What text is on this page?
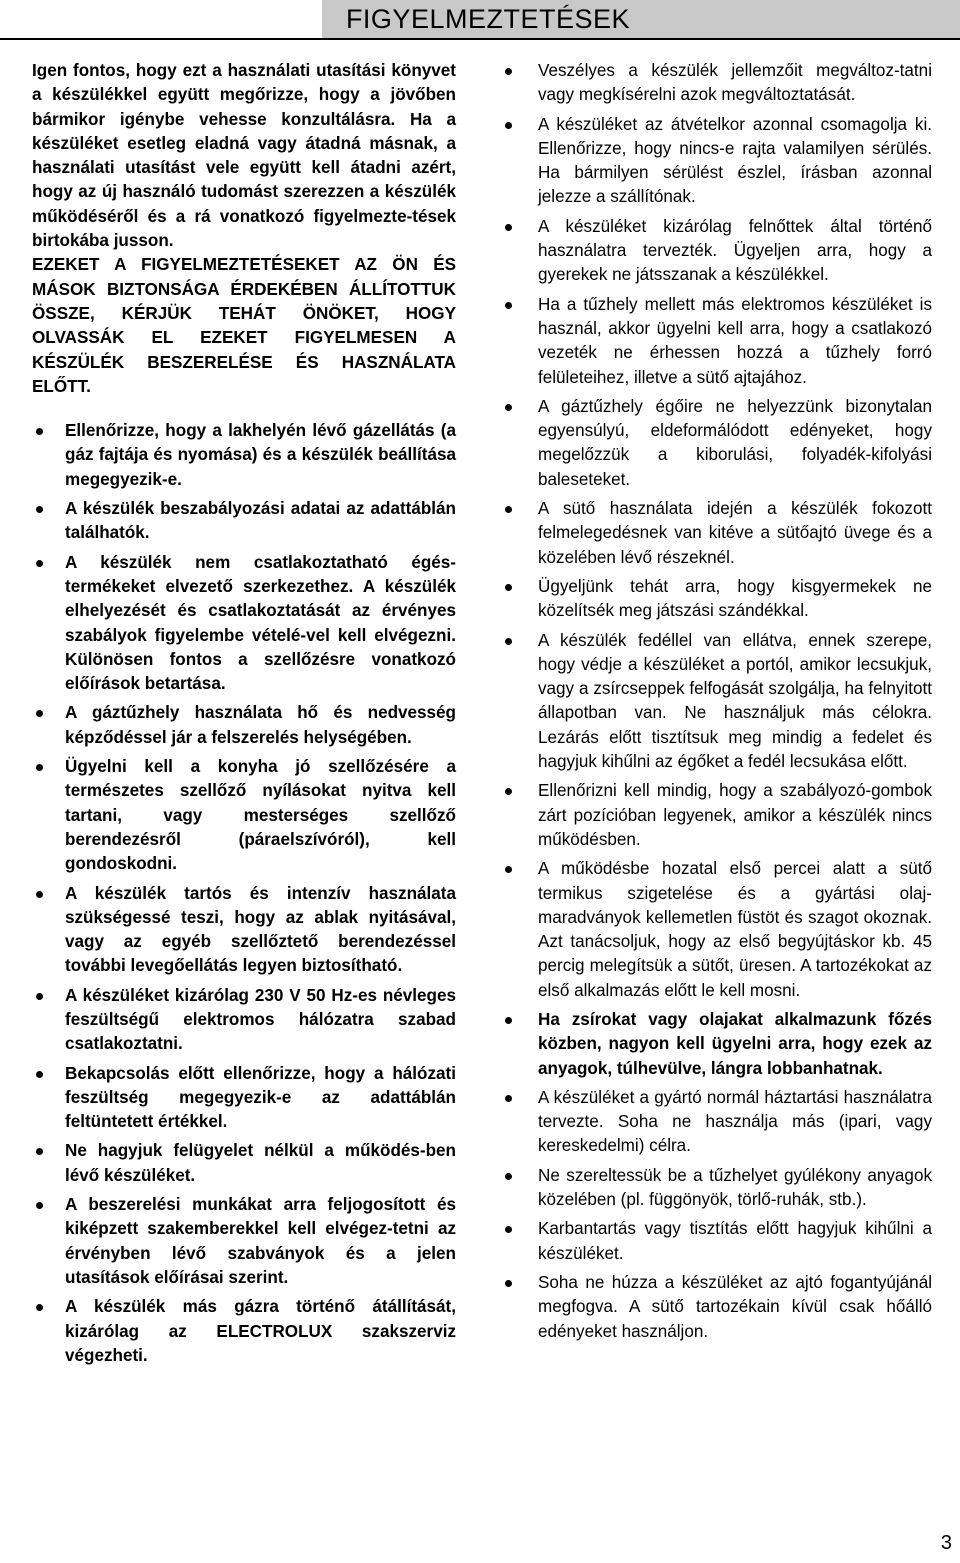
FIGYELMEZTETÉSEK

Igen fontos, hogy ezt a használati utasítási könyvet a készülékkel együtt megőrizze, hogy a jövőben bármikor igénybe vehesse konzultálásra. Ha a készüléket esetleg eladná vagy átadná másnak, a használati utasítást vele együtt kell átadni azért, hogy az új használó tudomást szerezzen a készülék működéséről és a rá vonatkozó figyelmezte-tések birtokába jusson.

EZEKET A FIGYELMEZTETÉSEKET AZ ÖN ÉS MÁSOK BIZTONSÁGA ÉRDEKÉBEN ÁLLÍTOTTUK ÖSSZE, KÉRJÜK TEHÁT ÖNÖKET, HOGY OLVASSÁK EL EZEKET FIGYELMESEN A KÉSZÜLÉK BESZERELÉSE ÉS HASZNÁLATA ELŐTT.

Ellenőrizze, hogy a lakhelyén lévő gázellátás (a gáz fajtája és nyomása) és a készülék beállítása megegyezik-e.
A készülék beszabályozási adatai az adattáblán találhatók.
A készülék nem csatlakoztatható égés-termékeket elvezető szerkezethez. A készülék elhelyezését és csatlakoztatását az érvényes szabályok figyelembe vételé-vel kell elvégezni. Különösen fontos a szellőzésre vonatkozó előírások betartása.
A gáztűzhely használata hő és nedvesség képződéssel jár a felszerelés helységében.
Ügyelni kell a konyha jó szellőzésére a természetes szellőző nyílásokat nyitva kell tartani, vagy mesterséges szellőző berendezésről (páraelszívóról), kell gondoskodni.
A készülék tartós és intenzív használata szükségessé teszi, hogy az ablak nyitásával, vagy az egyéb szellőztető berendezéssel további levegőellátás legyen biztosítható.
A készüléket kizárólag 230 V 50 Hz-es névleges feszültségű elektromos hálózatra szabad csatlakoztatni.
Bekapcsolás előtt ellenőrizze, hogy a hálózati feszültség megegyezik-e az adattáblán feltüntetett értékkel.
Ne hagyjuk felügyelet nélkül a működés-ben lévő készüléket.
A beszerelési munkákat arra feljogosított és kiképzett szakemberekkel kell elvégez-tetni az érvényben lévő szabványok és a jelen utasítások előírásai szerint.
A készülék más gázra történő átállítását, kizárólag az ELECTROLUX szakszerviz végezheti.
Veszélyes a készülék jellemzőit megváltoz-tatni vagy megkísérelni azok megváltoztatását.
A készüléket az átvételkor azonnal csomagolja ki. Ellenőrizze, hogy nincs-e rajta valamilyen sérülés. Ha bármilyen sérülést észlel, írásban azonnal jelezze a szállítónak.
A készüléket kizárólag felnőttek által történő használatra tervezték. Ügyeljen arra, hogy a gyerekek ne játsszanak a készülékkel.
Ha a tűzhely mellett más elektromos készüléket is használ, akkor ügyelni kell arra, hogy a csatlakozó vezeték ne érhessen hozzá a tűzhely forró felületeihez, illetve a sütő ajtajához.
A gáztűzhely égőire ne helyezzünk bizonytalan egyensúlyú, eldeformálódott edényeket, hogy megelőzzük a kiborulási, folyadék-kifolyási baleseteket.
A sütő használata idején a készülék fokozott felmelegedésnek van kitéve a sütőajtó üvege és a közelében lévő részeknél.
Ügyeljünk tehát arra, hogy kisgyermekek ne közelítsék meg játszási szándékkal.
A készülék fedéllel van ellátva, ennek szerepe, hogy védje a készüléket a portól, amikor lecsukjuk, vagy a zsírcseppek felfogását szolgálja, ha felnyitott állapotban van. Ne használjuk más célokra. Lezárás előtt tisztítsuk meg mindig a fedelet és hagyjuk kihűlni az égőket a fedél lecsukása előtt.
Ellenőrizni kell mindig, hogy a szabályozó-gombok zárt pozícióban legyenek, amikor a készülék nincs működésben.
A működésbe hozatal első percei alatt a sütő termikus szigetelése és a gyártási olaj-maradványok kellemetlen füstöt és szagot okoznak. Azt tanácsoljuk, hogy az első begyújtáskor kb. 45 percig melegítsük a sütőt, üresen. A tartozékokat az első alkalmazás előtt le kell mosni.
Ha zsírokat vagy olajakat alkalmazunk főzés közben, nagyon kell ügyelni arra, hogy ezek az anyagok, túlhevülve, lángra lobbanhatnak.
A készüléket a gyártó normál háztartási használatra tervezte. Soha ne használja más (ipari, vagy kereskedelmi) célra.
Ne szereltessük be a tűzhelyet gyúlékony anyagok közelében (pl. függönyök, törlő-ruhák, stb.).
Karbantartás vagy tisztítás előtt hagyjuk kihűlni a készüléket.
Soha ne húzza a készüléket az ajtó fogantyújánál megfogva. A sütő tartozékain kívül csak hőálló edényeket használjon.
3
